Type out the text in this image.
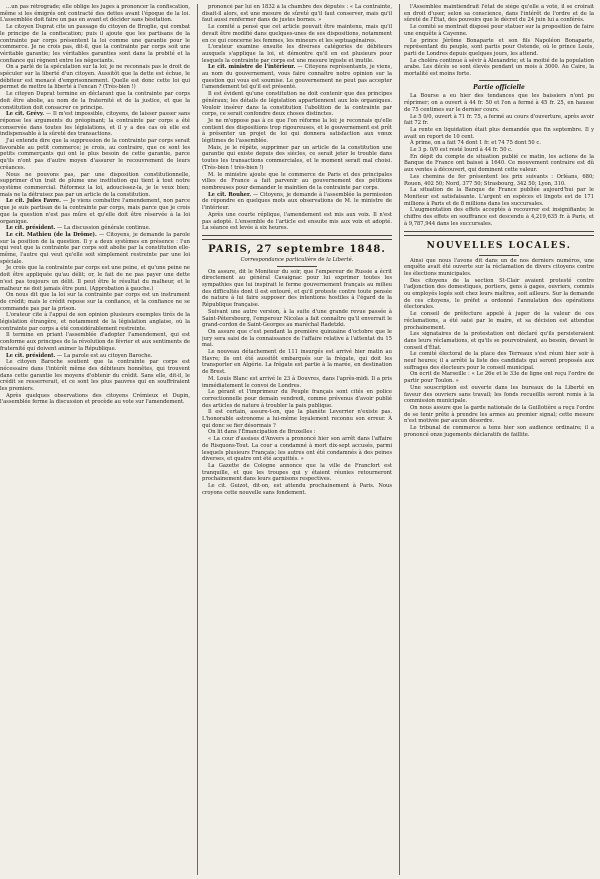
…un pas rétrograde; elle oblige les juges à prononcer la confiscation, même si les émigrés ont contracté des dettes avant l'époque de la loi. L'assemblée doit faire un pas en avant et décider sans hésitation.

Le citoyen Duprat cite un passage du citoyen de Broglie, qui combat le principe de la confiscation; puis il ajoute que les partisans de la contrainte par corps présentent la loi comme une garantie pour le commerce. Je ne crois pas, dit-il, que la contrainte par corps soit une véritable garantie; les véritables garanties sont dans la probité et la confiance qui règnent entre les négociants.

On a parlé de la spéculation sur la loi; je ne reconnais pas le droit de spéculer sur la liberté d'un citoyen. Aussitôt que la dette est échue, le débiteur est menacé d'emprisonnement. Quelle est donc cette loi qui permet de mettre la liberté à l'encan ? (Très-bien !)

Le citoyen Duprat termine en déclarant que la contrainte par corps doit être abolie, au nom de la fraternité et de la justice, et que la constitution doit consacrer ce principe.

Le cit. Grévy. — Il m'est impossible, citoyens, de laisser passer sans réponse les arguments du préopinant; la contrainte par corps a été conservée dans toutes les législations, et il y a des cas où elle est indispensable à la sûreté des transactions.

J'ai entendu dire que la suppression de la contrainte par corps serait favorable au petit commerce; je crois, au contraire, que ce sont les petits commerçants qui ont le plus besoin de cette garantie, parce qu'ils n'ont pas d'autre moyen d'assurer le recouvrement de leurs créances.

Nous ne pouvons pas, par une disposition constitutionnelle, supprimer d'un trait de plume une institution qui tient à tout notre système commercial. Réformez la loi, adoucissez-la, je le veux bien; mais ne la détruisez pas par un article de la constitution.

Le cit. Jules Favre. — Je viens combattre l'amendement, non parce que je suis partisan de la contrainte par corps, mais parce que je crois que la question n'est pas mûre et qu'elle doit être réservée à la loi organique.

Le cit. président. — La discussion générale continue.

Le cit. Mathieu (de la Drôme). — Citoyens, je demande la parole sur la position de la question. Il y a deux systèmes en présence : l'un qui veut que la contrainte par corps soit abolie par la constitution elle-même, l'autre qui veut qu'elle soit simplement restreinte par une loi spéciale.

Je crois que la contrainte par corps est une peine, et qu'une peine ne doit être appliquée qu'au délit; or, le fait de ne pas payer une dette n'est pas toujours un délit. Il peut être le résultat du malheur, et le malheur ne doit jamais être puni. (Approbation à gauche.)

On nous dit que la loi sur la contrainte par corps est un instrument de crédit; mais le crédit repose sur la confiance, et la confiance ne se commande pas par la prison.

L'orateur cite à l'appui de son opinion plusieurs exemples tirés de la législation étrangère, et notamment de la législation anglaise, où la contrainte par corps a été considérablement restreinte.

Il termine en priant l'assemblée d'adopter l'amendement, qui est conforme aux principes de la révolution de février et aux sentiments de fraternité qui doivent animer la République.

Le cit. président. — La parole est au citoyen Baroche.

Le citoyen Baroche soutient que la contrainte par corps est nécessaire dans l'intérêt même des débiteurs honnêtes, qui trouvent dans cette garantie les moyens d'obtenir du crédit. Sans elle, dit-il, le crédit se resserrerait, et ce sont les plus pauvres qui en souffriraient les premiers.

Après quelques observations des citoyens Crémieux et Dupin, l'assemblée ferme la discussion et procède au vote sur l'amendement.

prononcé par lui en 1832 à la chambre des députés : « La contrainte, disait-il alors, est une mesure de sûreté qu'il faut conserver, mais qu'il faut aussi renfermer dans de justes bornes. »

Le comité a pensé que cet article pouvait être maintenu, mais qu'il devait être modifié dans quelques-unes de ses dispositions, notamment en ce qui concerne les femmes, les mineurs et les septuagénaires.

L'orateur examine ensuite les diverses catégories de débiteurs auxquels s'applique la loi, et démontre qu'il en est plusieurs pour lesquels la contrainte par corps est une mesure injuste et inutile.

Le cit. ministre de l'intérieur. — Citoyens représentants, je viens, au nom du gouvernement, vous faire connaître notre opinion sur la question qui vous est soumise. Le gouvernement ne peut pas accepter l'amendement tel qu'il est présenté.

Il est évident qu'une constitution ne doit contenir que des principes généraux; les détails de législation appartiennent aux lois organiques. Vouloir insérer dans la constitution l'abolition de la contrainte par corps, ce serait confondre deux choses distinctes.

Je ne m'oppose pas à ce que l'on réforme la loi; je reconnais qu'elle contient des dispositions trop rigoureuses, et le gouvernement est prêt à présenter un projet de loi qui donnera satisfaction aux vœux légitimes de l'assemblée.

Mais, je le répète, supprimer par un article de la constitution une garantie qui existe depuis des siècles, ce serait jeter le trouble dans toutes les transactions commerciales, et le moment serait mal choisi. (Très-bien ! très-bien !)

M. le ministre ajoute que le commerce de Paris et des principales villes de France a fait parvenir au gouvernement des pétitions nombreuses pour demander le maintien de la contrainte par corps.

Le cit. Rouher. — Citoyens, je demande à l'assemblée la permission de répondre en quelques mots aux observations de M. le ministre de l'intérieur.

Après une courte réplique, l'amendement est mis aux voix. Il n'est pas adopté. L'ensemble de l'article est ensuite mis aux voix et adopté. La séance est levée à six heures.

PARIS, 27 septembre 1848.
Correspondance particulière de la Liberté.

On assure, dit le Moniteur du soir, que l'empereur de Russie a écrit directement au général Cavaignac pour lui exprimer toutes les sympathies que lui inspirait le ferme gouvernement français au milieu des difficultés dont il est entouré, et qu'il proteste contre toute pensée de nature à lui faire supposer des intentions hostiles à l'égard de la République française.

Suivant une autre version, à la suite d'une grande revue passée à Saint-Pétersbourg, l'empereur Nicolas a fait connaître qu'il enverrait le grand-cordon de Saint-Georges au maréchal Radetzki.

On assure que c'est pendant la première quinzaine d'octobre que le jury sera saisi de la connaissance de l'affaire relative à l'attentat du 15 mai.

Le nouveau détachement de 111 insurgés est arrivé hier matin au Havre; ils ont été aussitôt embarqués sur la frégate, qui doit les transporter en Algérie. La frégate est partie à la marée, en destination de Brest.

M. Louis Blanc est arrivé le 23 à Douvres, dans l'après-midi. Il a pris immédiatement le convoi de Londres.

Le gérant et l'imprimeur du Peuple français sont cités en police correctionnelle pour demain vendredi, comme prévenus d'avoir publié des articles de nature à troubler la paix publique.

Il est certain, assure-t-on, que la planète Leverrier n'existe pas. L'honorable astronome a lui-même loyalement reconnu son erreur. À qui donc se fier désormais ?

On lit dans l'Émancipation de Bruxelles :

« La cour d'assises d'Anvers a prononcé hier son arrêt dans l'affaire de Risquons-Tout. La cour a condamné à mort dix-sept accusés, parmi lesquels plusieurs Français; les autres ont été condamnés à des peines diverses, et quatre ont été acquittés. »

La Gazette de Cologne annonce que la ville de Francfort est tranquille, et que les troupes qui y étaient réunies retourneront prochainement dans leurs garnisons respectives.

Le cit. Guizot, dit-on, est attendu prochainement à Paris. Nous croyons cette nouvelle sans fondement.

l'Assemblée maintiendrait l'état de siège qu'elle a voté, il se croirait en droit d'user, selon sa conscience, dans l'intérêt de l'ordre et de la sûreté de l'État, des pouvoirs que le décret du 24 juin lui a conférés.

Le comité se montrait disposé pour statuer sur la proposition de faire une enquête à Cayenne.

Le prince Jérôme Bonaparte et son fils Napoléon Bonaparte, représentant du peuple, sont partis pour Ostende, où le prince Louis, parti de Londres depuis quelques jours, les attend.

Le choléra continue à sévir à Alexandrie; et la moitié de la population arabe. Les décès se sont élevés pendant un mois à 3000. Au Caire, la mortalité est moins forte.

Partie officielle

La Bourse a eu hier des tendances que les baissiers n'ont pu réprimer; on a ouvert à 44 fr. 50 et l'on a fermé à 45 fr. 25, en hausse de 75 centimes sur le dernier cours.

Le 5 0/0, ouvert à 71 fr. 75, a fermé au cours d'ouverture, après avoir fait 72 fr.

La rente en liquidation était plus demandée que fin septembre. Il y avait un report de 10 cent.

À prime, on a fait 74 dont 1 fr. et 74 75 dont 50 c.

Le 3 p. 0/0 est resté lourd à 44 fr. 50 c.

En dépit du compte de situation publié ce matin, les actions de la Banque de France ont baissé à 1640. Ce mouvement contraire est dû aux ventes à découvert, qui dominent cette valeur.

Les chemins de fer présentent les prix suivants : Orléans, 680; Rouen, 402 50; Nord, 377 50; Strasbourg, 342 50; Lyon, 310.

La situation de la Banque de France publiée aujourd'hui par le Moniteur est satisfaisante. L'argent en espèces et lingots est de 171 millions à Paris et de 8 millions dans les succursales.

L'augmentation des effets acceptés à recouvrer est insignifiante; le chiffre des effets en souffrance est descendu à 4,219,635 fr. à Paris, et à 9,787,944 dans les succursales.

NOUVELLES LOCALES.

Ainsi que nous l'avons dit dans un de nos derniers numéros, une enquête avait été ouverte sur la réclamation de divers citoyens contre les élections municipales.

Des citoyens de la section St-Clair avaient protesté contre l'adjonction des domestiques, portiers, gens à gages, ouvriers, commis ou employés logés soit chez leurs maîtres, soit ailleurs. Sur la demande de ces citoyens, le préfet a ordonné l'annulation des opérations électorales.

Le conseil de préfecture appelé à juger de la valeur de ces réclamations, a été saisi par le maire, et sa décision est attendue prochainement.

Les signataires de la protestation ont déclaré qu'ils persisteraient dans leurs réclamations, et qu'ils se pourvoiraient, au besoin, devant le conseil d'État.

Le comité électoral de la place des Terreaux s'est réuni hier soir à neuf heures; il a arrêté la liste des candidats qui seront proposés aux suffrages des électeurs pour le conseil municipal.

On écrit de Marseille : « Le 26e et le 33e de ligne ont reçu l'ordre de partir pour Toulon. »

Une souscription est ouverte dans les bureaux de la Liberté en faveur des ouvriers sans travail; les fonds recueillis seront remis à la commission municipale.

On nous assure que la garde nationale de la Guillotière a reçu l'ordre de se tenir prête à prendre les armes au premier signal; cette mesure n'est motivée par aucun désordre.

Le tribunal de commerce a tenu hier son audience ordinaire; il a prononcé onze jugements déclaratifs de faillite.
